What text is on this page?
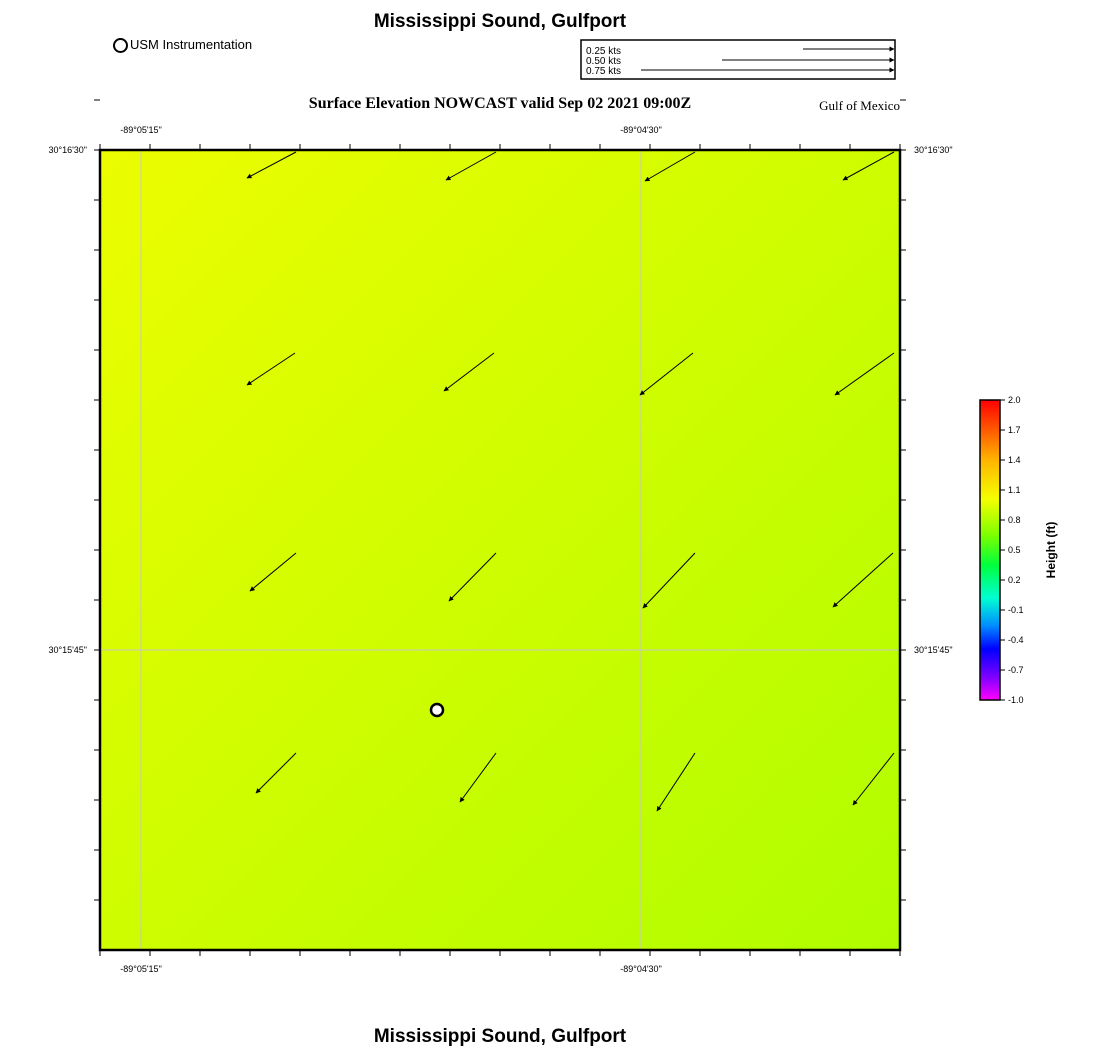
Mississippi Sound, Gulfport
USM Instrumentation
Surface Elevation NOWCAST valid Sep 02 2021 09:00Z	Gulf of Mexico
0.25 kts
0.50 kts
0.75 kts
-89°05'15"	-89°04'30"
-89°05'15"	-89°04'30"
30°16'30"
30°15'45"
30°16'30"
30°15'45"
2.0
1.7
1.4
1.1
0.8
0.5
0.2
-0.1
-0.4
-0.7
-1.0
Height (ft)
Mississippi Sound, Gulfport
